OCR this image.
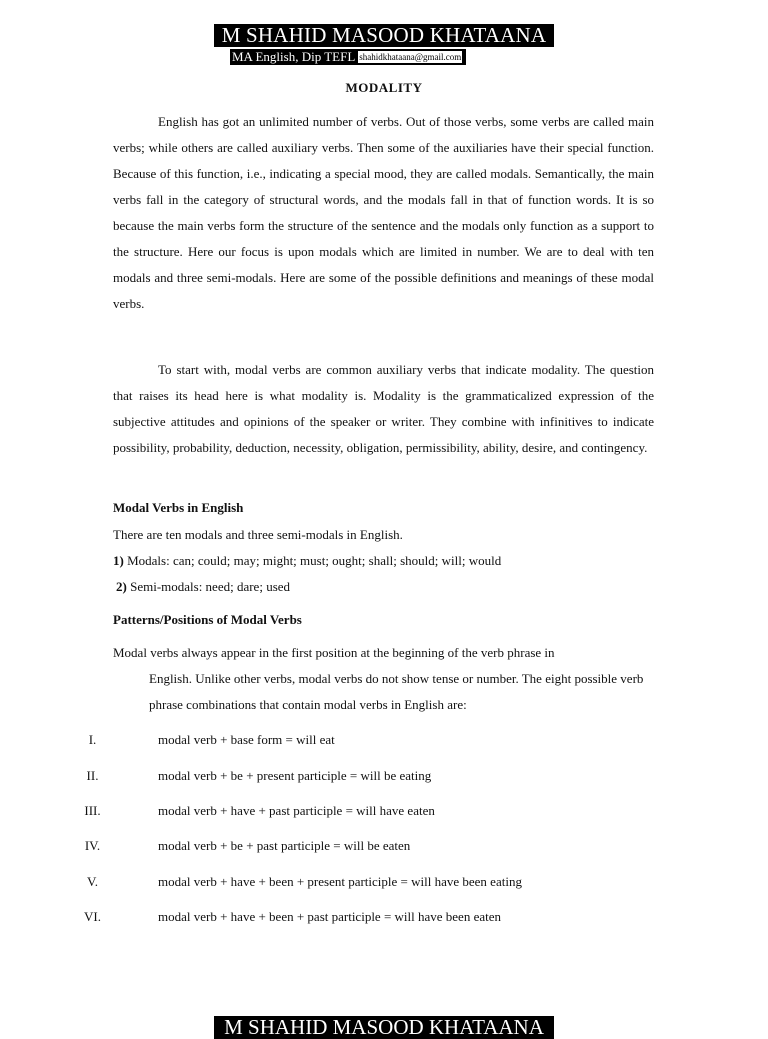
M SHAHID MASOOD KHATAANA
MA English, Dip TEFL shahidkhataana@gmail.com
MODALITY

English has got an unlimited number of verbs. Out of those verbs, some verbs are called main verbs; while others are called auxiliary verbs. Then some of the auxiliaries have their special function. Because of this function, i.e., indicating a special mood, they are called modals. Semantically, the main verbs fall in the category of structural words, and the modals fall in that of function words. It is so because the main verbs form the structure of the sentence and the modals only function as a support to the structure. Here our focus is upon modals which are limited in number. We are to deal with ten modals and three semi-modals. Here are some of the possible definitions and meanings of these modal verbs.

To start with, modal verbs are common auxiliary verbs that indicate modality. The question that raises its head here is what modality is. Modality is the grammaticalized expression of the subjective attitudes and opinions of the speaker or writer. They combine with infinitives to indicate possibility, probability, deduction, necessity, obligation, permissibility, ability, desire, and contingency.

Modal Verbs in English

There are ten modals and three semi-modals in English.

1) Modals: can; could; may; might; must; ought; shall; should; will; would

2) Semi-modals: need; dare; used

Patterns/Positions of Modal Verbs

Modal verbs always appear in the first position at the beginning of the verb phrase in
English. Unlike other verbs, modal verbs do not show tense or number. The eight possible verb phrase combinations that contain modal verbs in English are:

I.	modal verb + base form = will eat

II.	modal verb + be + present participle = will be eating

III.	modal verb + have + past participle = will have eaten

IV.	modal verb + be + past participle = will be eaten

V.	modal verb + have + been + present participle = will have been eating

VI.	modal verb + have + been + past participle = will have been eaten

M SHAHID MASOOD KHATAANA
